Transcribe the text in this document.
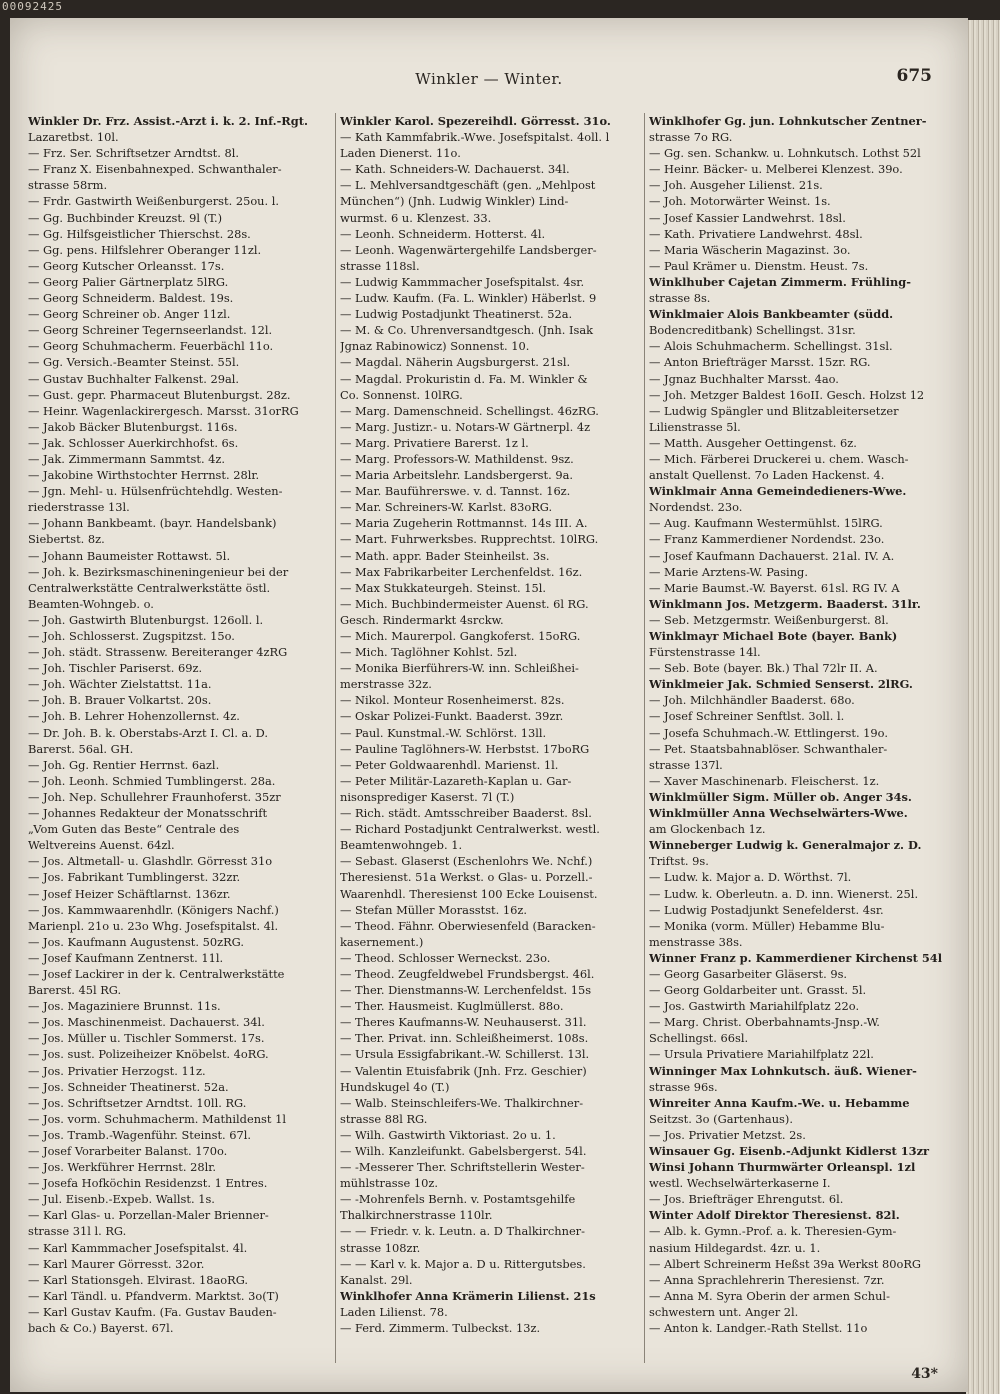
00092425
Winkler — Winter.	675
Winkler Dr. Frz. Assist.-Arzt i. k. 2. Inf.-Rgt.
Lazaretbst. 10l.
— Frz. Ser. Schriftsetzer Arndtst. 8l.
— Franz X. Eisenbahnexped. Schwanthaler-
strasse 58rm.
— Frdr. Gastwirth Weißenburgerst. 25ou. l.
— Gg. Buchbinder Kreuzst. 9l (T.)
— Gg. Hilfsgeistlicher Thierschst. 28s.
— Gg. pens. Hilfslehrer Oberanger 11zl.
— Georg Kutscher Orleansst. 17s.
— Georg Palier Gärtnerplatz 5lRG.
— Georg Schneiderm. Baldest. 19s.
— Georg Schreiner ob. Anger 11zl.
— Georg Schreiner Tegernseerlandst. 12l.
— Georg Schuhmacherm. Feuerbächl 11o.
— Gg. Versich.-Beamter Steinst. 55l.
— Gustav Buchhalter Falkenst. 29al.
— Gust. gepr. Pharmaceut Blutenburgst. 28z.
— Heinr. Wagenlackirergesch. Marsst. 31orRG
— Jakob Bäcker Blutenburgst. 116s.
— Jak. Schlosser Auerkirchhofst. 6s.
— Jak. Zimmermann Sammtst. 4z.
— Jakobine Wirthstochter Herrnst. 28lr.
— Jgn. Mehl- u. Hülsenfrüchtehdlg. Westen-
riederstrasse 13l.
— Johann Bankbeamt. (bayr. Handelsbank)
Siebertst. 8z.
— Johann Baumeister Rottawst. 5l.
— Joh. k. Bezirksmaschineningenieur bei der
Centralwerkstätte Centralwerkstätte östl.
Beamten-Wohngeb. o.
— Joh. Gastwirth Blutenburgst. 126oll. l.
— Joh. Schlosserst. Zugspitzst. 15o.
— Joh. städt. Strassenw. Bereiteranger 4zRG
— Joh. Tischler Pariserst. 69z.
— Joh. Wächter Zielstattst. 11a.
— Joh. B. Brauer Volkartst. 20s.
— Joh. B. Lehrer Hohenzollernst. 4z.
— Dr. Joh. B. k. Oberstabs-Arzt I. Cl. a. D.
Barerst. 56al. GH.
— Joh. Gg. Rentier Herrnst. 6azl.
— Joh. Leonh. Schmied Tumblingerst. 28a.
— Joh. Nep. Schullehrer Fraunhoferst. 35zr
— Johannes Redakteur der Monatsschrift
„Vom Guten das Beste“ Centrale des
Weltvereins Auenst. 64zl.
— Jos. Altmetall- u. Glashdlr. Görresst 31o
— Jos. Fabrikant Tumblingerst. 32zr.
— Josef Heizer Schäftlarnst. 136zr.
— Jos. Kammwaarenhdlr. (Königers Nachf.)
Marienpl. 21o u. 23o Whg. Josefspitalst. 4l.
— Jos. Kaufmann Augustenst. 50zRG.
— Josef Kaufmann Zentnerst. 11l.
— Josef Lackirer in der k. Centralwerkstätte
Barerst. 45l RG.
— Jos. Magaziniere Brunnst. 11s.
— Jos. Maschinenmeist. Dachauerst. 34l.
— Jos. Müller u. Tischler Sommerst. 17s.
— Jos. sust. Polizeiheizer Knöbelst. 4oRG.
— Jos. Privatier Herzogst. 11z.
— Jos. Schneider Theatinerst. 52a.
— Jos. Schriftsetzer Arndtst. 10ll. RG.
— Jos. vorm. Schuhmacherm. Mathildenst 1l
— Jos. Tramb.-Wagenführ. Steinst. 67l.
— Josef Vorarbeiter Balanst. 170o.
— Jos. Werkführer Herrnst. 28lr.
— Josefa Hofköchin Residenzst. 1 Entres.
— Jul. Eisenb.-Expeb. Wallst. 1s.
— Karl Glas- u. Porzellan-Maler Brienner-
strasse 31l l. RG.
— Karl Kammmacher Josefspitalst. 4l.
— Karl Maurer Görresst. 32or.
— Karl Stationsgeh. Elvirast. 18aoRG.
— Karl Tändl. u. Pfandverm. Marktst. 3o(T)
— Karl Gustav Kaufm. (Fa. Gustav Bauden-
bach & Co.) Bayerst. 67l.
Winkler Karol. Spezereihdl. Görresst. 31o.
— Kath Kammfabrik.-Wwe. Josefspitalst. 4oll. l
Laden Dienerst. 11o.
— Kath. Schneiders-W. Dachauerst. 34l.
— L. Mehlversandtgeschäft (gen. „Mehlpost
München“) (Jnh. Ludwig Winkler) Lind-
wurmst. 6 u. Klenzest. 33.
— Leonh. Schneiderm. Hotterst. 4l.
— Leonh. Wagenwärtergehilfe Landsberger-
strasse 118sl.
— Ludwig Kammmacher Josefspitalst. 4sr.
— Ludw. Kaufm. (Fa. L. Winkler) Häberlst. 9
— Ludwig Postadjunkt Theatinerst. 52a.
— M. & Co. Uhrenversandtgesch. (Jnh. Isak
Jgnaz Rabinowicz) Sonnenst. 10.
— Magdal. Näherin Augsburgerst. 21sl.
— Magdal. Prokuristin d. Fa. M. Winkler &
Co. Sonnenst. 10lRG.
— Marg. Damenschneid. Schellingst. 46zRG.
— Marg. Justizr.- u. Notars-W Gärtnerpl. 4z
— Marg. Privatiere Barerst. 1z l.
— Marg. Professors-W. Mathildenst. 9sz.
— Maria Arbeitslehr. Landsbergerst. 9a.
— Mar. Bauführerswe. v. d. Tannst. 16z.
— Mar. Schreiners-W. Karlst. 83oRG.
— Maria Zugeherin Rottmannst. 14s III. A.
— Mart. Fuhrwerksbes. Rupprechtst. 10lRG.
— Math. appr. Bader Steinheilst. 3s.
— Max Fabrikarbeiter Lerchenfeldst. 16z.
— Max Stukkateurgeh. Steinst. 15l.
— Mich. Buchbindermeister Auenst. 6l RG.
Gesch. Rindermarkt 4srckw.
— Mich. Maurerpol. Gangkoferst. 15oRG.
— Mich. Taglöhner Kohlst. 5zl.
— Monika Bierführers-W. inn. Schleißhei-
merstrasse 32z.
— Nikol. Monteur Rosenheimerst. 82s.
— Oskar Polizei-Funkt. Baaderst. 39zr.
— Paul. Kunstmal.-W. Schlörst. 13ll.
— Pauline Taglöhners-W. Herbstst. 17boRG
— Peter Goldwaarenhdl. Marienst. 1l.
— Peter Militär-Lazareth-Kaplan u. Gar-
nisonsprediger Kaserst. 7l (T.)
— Rich. städt. Amtsschreiber Baaderst. 8sl.
— Richard Postadjunkt Centralwerkst. westl.
Beamtenwohngeb. 1.
— Sebast. Glaserst (Eschenlohrs We. Nchf.)
Theresienst. 51a Werkst. o Glas- u. Porzell.-
Waarenhdl. Theresienst 100 Ecke Louisenst.
— Stefan Müller Morasstst. 16z.
— Theod. Fähnr. Oberwiesenfeld (Baracken-
kasernement.)
— Theod. Schlosser Werneckst. 23o.
— Theod. Zeugfeldwebel Frundsbergst. 46l.
— Ther. Dienstmanns-W. Lerchenfeldst. 15s
— Ther. Hausmeist. Kuglmüllerst. 88o.
— Theres Kaufmanns-W. Neuhauserst. 31l.
— Ther. Privat. inn. Schleißheimerst. 108s.
— Ursula Essigfabrikant.-W. Schillerst. 13l.
— Valentin Etuisfabrik (Jnh. Frz. Geschier)
Hundskugel 4o (T.)
— Walb. Steinschleifers-We. Thalkirchner-
strasse 88l RG.
— Wilh. Gastwirth Viktoriast. 2o u. 1.
— Wilh. Kanzleifunkt. Gabelsbergerst. 54l.
— -Messerer Ther. Schriftstellerin Wester-
mühlstrasse 10z.
— -Mohrenfels Bernh. v. Postamtsgehilfe
Thalkirchnerstrasse 110lr.
— — Friedr. v. k. Leutn. a. D Thalkirchner-
strasse 108zr.
— — Karl v. k. Major a. D u. Rittergutsbes.
Kanalst. 29l.
Winklhofer Anna Krämerin Lilienst. 21s
Laden Lilienst. 78.
— Ferd. Zimmerm. Tulbeckst. 13z.
Winklhofer Gg. jun. Lohnkutscher Zentner-
strasse 7o RG.
— Gg. sen. Schankw. u. Lohnkutsch. Lothst 52l
— Heinr. Bäcker- u. Melberei Klenzest. 39o.
— Joh. Ausgeher Lilienst. 21s.
— Joh. Motorwärter Weinst. 1s.
— Josef Kassier Landwehrst. 18sl.
— Kath. Privatiere Landwehrst. 48sl.
— Maria Wäscherin Magazinst. 3o.
— Paul Krämer u. Dienstm. Heust. 7s.
Winklhuber Cajetan Zimmerm. Frühling-
strasse 8s.
Winklmaier Alois Bankbeamter (südd.
Bodencreditbank) Schellingst. 31sr.
— Alois Schuhmacherm. Schellingst. 31sl.
— Anton Briefträger Marsst. 15zr. RG.
— Jgnaz Buchhalter Marsst. 4ao.
— Joh. Metzger Baldest 16oII. Gesch. Holzst 12
— Ludwig Spängler und Blitzableitersetzer
Lilienstrasse 5l.
— Matth. Ausgeher Oettingenst. 6z.
— Mich. Färberei Druckerei u. chem. Wasch-
anstalt Quellenst. 7o Laden Hackenst. 4.
Winklmair Anna Gemeindedieners-Wwe.
Nordendst. 23o.
— Aug. Kaufmann Westermühlst. 15lRG.
— Franz Kammerdiener Nordendst. 23o.
— Josef Kaufmann Dachauerst. 21al. IV. A.
— Marie Arztens-W. Pasing.
— Marie Baumst.-W. Bayerst. 61sl. RG IV. A
Winklmann Jos. Metzgerm. Baaderst. 31lr.
— Seb. Metzgermstr. Weißenburgerst. 8l.
Winklmayr Michael Bote (bayer. Bank)
Fürstenstrasse 14l.
— Seb. Bote (bayer. Bk.) Thal 72lr II. A.
Winklmeier Jak. Schmied Senserst. 2lRG.
— Joh. Milchhändler Baaderst. 68o.
— Josef Schreiner Senftlst. 3oll. l.
— Josefa Schuhmach.-W. Ettlingerst. 19o.
— Pet. Staatsbahnablöser. Schwanthaler-
strasse 137l.
— Xaver Maschinenarb. Fleischerst. 1z.
Winklmüller Sigm. Müller ob. Anger 34s.
Winklmüller Anna Wechselwärters-Wwe.
am Glockenbach 1z.
Winneberger Ludwig k. Generalmajor z. D.
Triftst. 9s.
— Ludw. k. Major a. D. Wörthst. 7l.
— Ludw. k. Oberleutn. a. D. inn. Wienerst. 25l.
— Ludwig Postadjunkt Senefelderst. 4sr.
— Monika (vorm. Müller) Hebamme Blu-
menstrasse 38s.
Winner Franz p. Kammerdiener Kirchenst 54l
— Georg Gasarbeiter Gläserst. 9s.
— Georg Goldarbeiter unt. Grasst. 5l.
— Jos. Gastwirth Mariahilfplatz 22o.
— Marg. Christ. Oberbahnamts-Jnsp.-W.
Schellingst. 66sl.
— Ursula Privatiere Mariahilfplatz 22l.
Winninger Max Lohnkutsch. äuß. Wiener-
strasse 96s.
Winreiter Anna Kaufm.-We. u. Hebamme
Seitzst. 3o (Gartenhaus).
— Jos. Privatier Metzst. 2s.
Winsauer Gg. Eisenb.-Adjunkt Kidlerst 13zr
Winsi Johann Thurmwärter Orleanspl. 1zl
westl. Wechselwärterkaserne I.
— Jos. Briefträger Ehrengutst. 6l.
Winter Adolf Direktor Theresienst. 82l.
— Alb. k. Gymn.-Prof. a. k. Theresien-Gym-
nasium Hildegardst. 4zr. u. 1.
— Albert Schreinerm Heßst 39a Werkst 80oRG
— Anna Sprachlehrerin Theresienst. 7zr.
— Anna M. Syra Oberin der armen Schul-
schwestern unt. Anger 2l.
— Anton k. Landger.-Rath Stellst. 11o
43*
